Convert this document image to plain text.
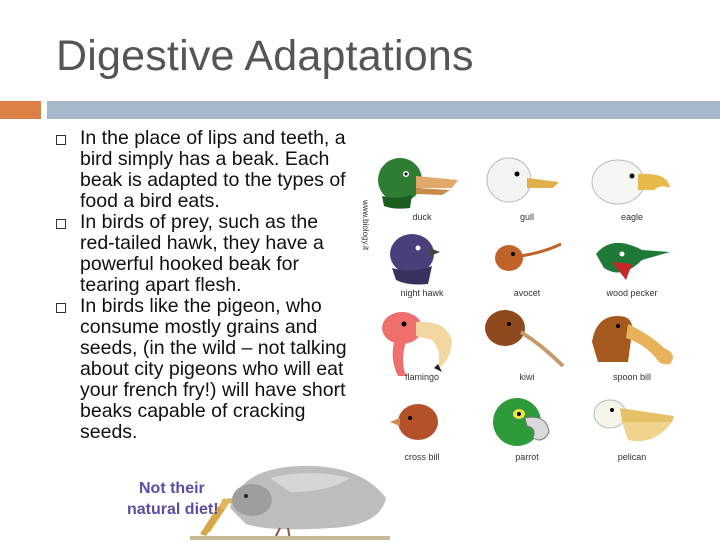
Digestive Adaptations
In the place of lips and teeth, a bird simply has a beak. Each beak is adapted to the types of food a bird eats.
In birds of prey, such as the red-tailed hawk, they have a powerful hooked beak for tearing apart flesh.
In birds like the pigeon, who consume mostly grains and seeds, (in the wild – not talking about city pigeons who will eat your french fry!) will have short beaks capable of cracking seeds.
duck	gull	eagle
night hawk	avocet	wood pecker
flamingo	kiwi	spoon bill
cross bill	parrot	pelican
www.biology.it
Not their
natural diet!
